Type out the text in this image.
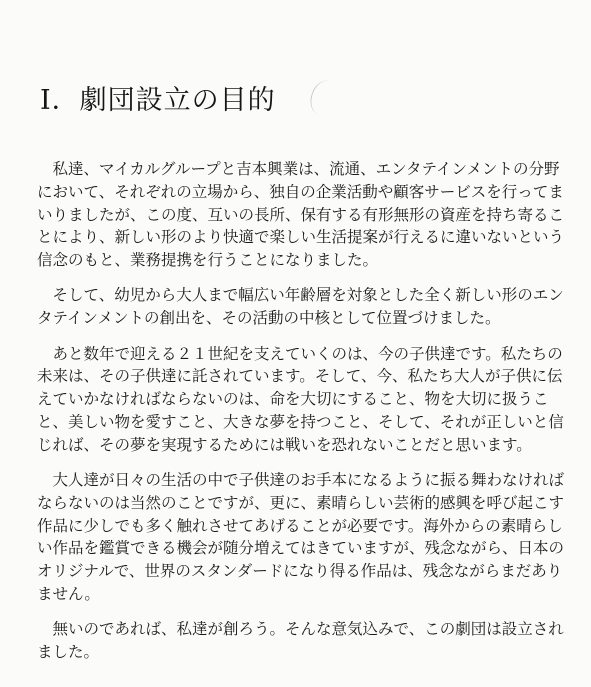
Ⅰ．劇団設立の目的

私達、マイカルグループと吉本興業は、流通、エンタテインメントの分野
において、それぞれの立場から、独自の企業活動や顧客サービスを行ってま
いりましたが、この度、互いの長所、保有する有形無形の資産を持ち寄るこ
とにより、新しい形のより快適で楽しい生活提案が行えるに違いないという
信念のもと、業務提携を行うことになりました。

そして、幼児から大人まで幅広い年齢層を対象とした全く新しい形のエン
タテインメントの創出を、その活動の中核として位置づけました。

あと数年で迎える２１世紀を支えていくのは、今の子供達です。私たちの
未来は、その子供達に託されています。そして、今、私たち大人が子供に伝
えていかなければならないのは、命を大切にすること、物を大切に扱うこ
と、美しい物を愛すこと、大きな夢を持つこと、そして、それが正しいと信
じれば、その夢を実現するためには戦いを恐れないことだと思います。

大人達が日々の生活の中で子供達のお手本になるように振る舞わなければ
ならないのは当然のことですが、更に、素晴らしい芸術的感興を呼び起こす
作品に少しでも多く触れさせてあげることが必要です。海外からの素晴らし
い作品を鑑賞できる機会が随分増えてはきていますが、残念ながら、日本の
オリジナルで、世界のスタンダードになり得る作品は、残念ながらまだあり
ません。

無いのであれば、私達が創ろう。そんな意気込みで、この劇団は設立され
ました。
